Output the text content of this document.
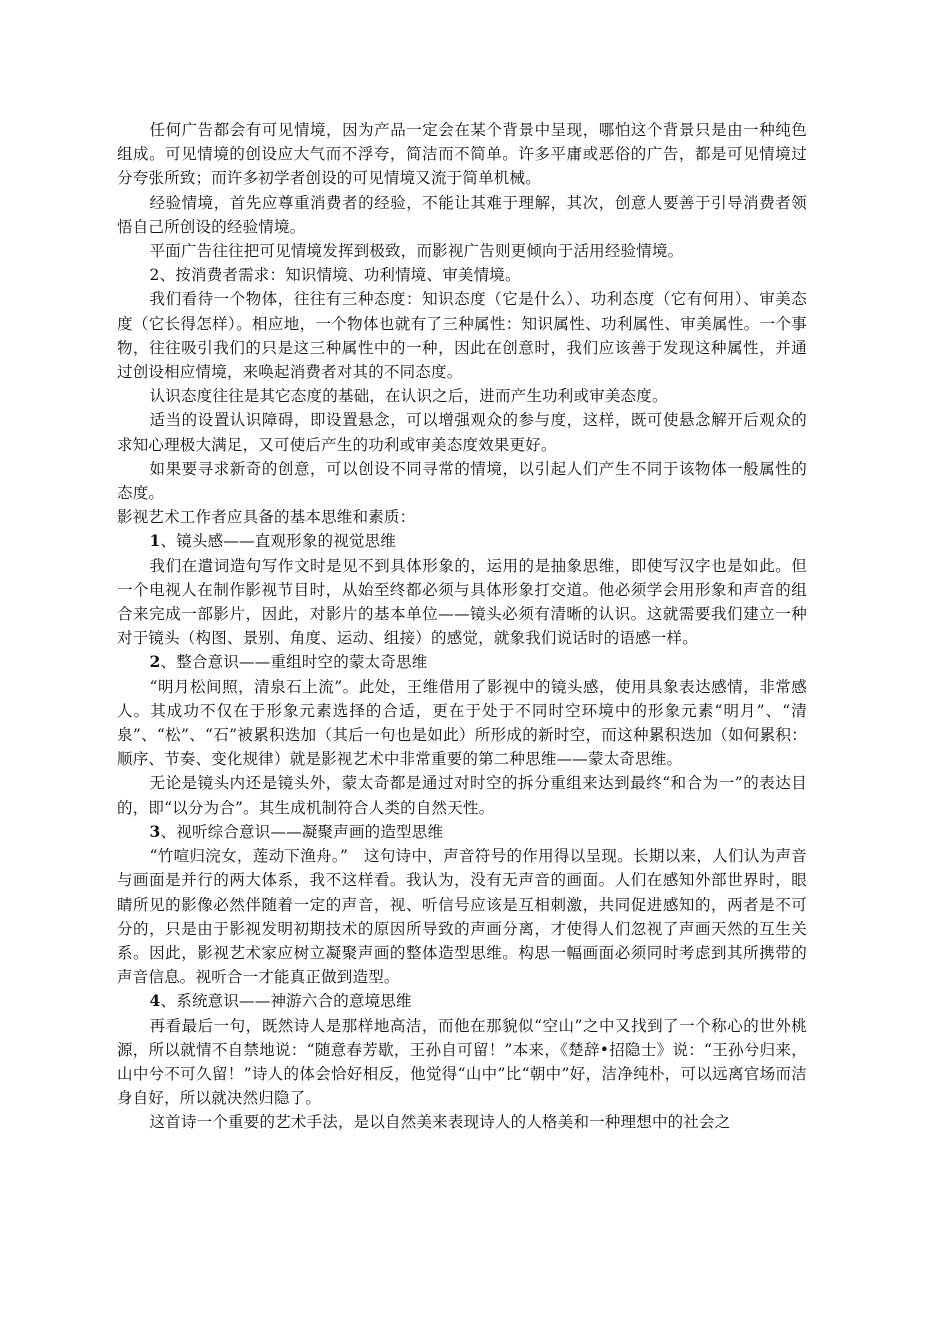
任何广告都会有可见情境，因为产品一定会在某个背景中呈现，哪怕这个背景只是由一种纯色组成。可见情境的创设应大气而不浮夸，简洁而不简单。许多平庸或恶俗的广告，都是可见情境过分夸张所致；而许多初学者创设的可见情境又流于简单机械。

经验情境，首先应尊重消费者的经验，不能让其难于理解，其次，创意人要善于引导消费者领悟自己所创设的经验情境。

平面广告往往把可见情境发挥到极致，而影视广告则更倾向于活用经验情境。

2、按消费者需求：知识情境、功利情境、审美情境。

我们看待一个物体，往往有三种态度：知识态度（它是什么）、功利态度（它有何用）、审美态度（它长得怎样）。相应地，一个物体也就有了三种属性：知识属性、功利属性、审美属性。一个事物，往往吸引我们的只是这三种属性中的一种，因此在创意时，我们应该善于发现这种属性，并通过创设相应情境，来唤起消费者对其的不同态度。

认识态度往往是其它态度的基础，在认识之后，进而产生功利或审美态度。

适当的设置认识障碍，即设置悬念，可以增强观众的参与度，这样，既可使悬念解开后观众的求知心理极大满足，又可使后产生的功利或审美态度效果更好。

如果要寻求新奇的创意，可以创设不同寻常的情境，以引起人们产生不同于该物体一般属性的态度。

影视艺术工作者应具备的基本思维和素质：

1、镜头感——直观形象的视觉思维

我们在遣词造句写作文时是见不到具体形象的，运用的是抽象思维，即使写汉字也是如此。但一个电视人在制作影视节目时，从始至终都必须与具体形象打交道。他必须学会用形象和声音的组合来完成一部影片，因此，对影片的基本单位——镜头必须有清晰的认识。这就需要我们建立一种对于镜头（构图、景别、角度、运动、组接）的感觉，就象我们说话时的语感一样。

2、整合意识——重组时空的蒙太奇思维

“明月松间照，清泉石上流”。此处，王维借用了影视中的镜头感，使用具象表达感情，非常感人。其成功不仅在于形象元素选择的合适，更在于处于不同时空环境中的形象元素“明月”、“清泉”、“松”、“石”被累积迭加（其后一句也是如此）所形成的新时空，而这种累积迭加（如何累积：顺序、节奏、变化规律）就是影视艺术中非常重要的第二种思维——蒙太奇思维。

无论是镜头内还是镜头外，蒙太奇都是通过对时空的拆分重组来达到最终“和合为一”的表达目的，即“以分为合”。其生成机制符合人类的自然天性。

3、视听综合意识——凝聚声画的造型思维

“竹喧归浣女，莲动下渔舟。”　这句诗中，声音符号的作用得以呈现。长期以来，人们认为声音与画面是并行的两大体系，我不这样看。我认为，没有无声音的画面。人们在感知外部世界时，眼睛所见的影像必然伴随着一定的声音，视、听信号应该是互相刺激，共同促进感知的，两者是不可分的，只是由于影视发明初期技术的原因所导致的声画分离，才使得人们忽视了声画天然的互生关系。因此，影视艺术家应树立凝聚声画的整体造型思维。构思一幅画面必须同时考虑到其所携带的声音信息。视听合一才能真正做到造型。

4、系统意识——神游六合的意境思维

再看最后一句，既然诗人是那样地高洁，而他在那貌似“空山”之中又找到了一个称心的世外桃源，所以就情不自禁地说：“随意春芳歇，王孙自可留！”本来，《楚辞•招隐士》说：“王孙兮归来，山中兮不可久留！”诗人的体会恰好相反，他觉得“山中”比“朝中”好，洁净纯朴，可以远离官场而洁身自好，所以就决然归隐了。

这首诗一个重要的艺术手法，是以自然美来表现诗人的人格美和一种理想中的社会之
